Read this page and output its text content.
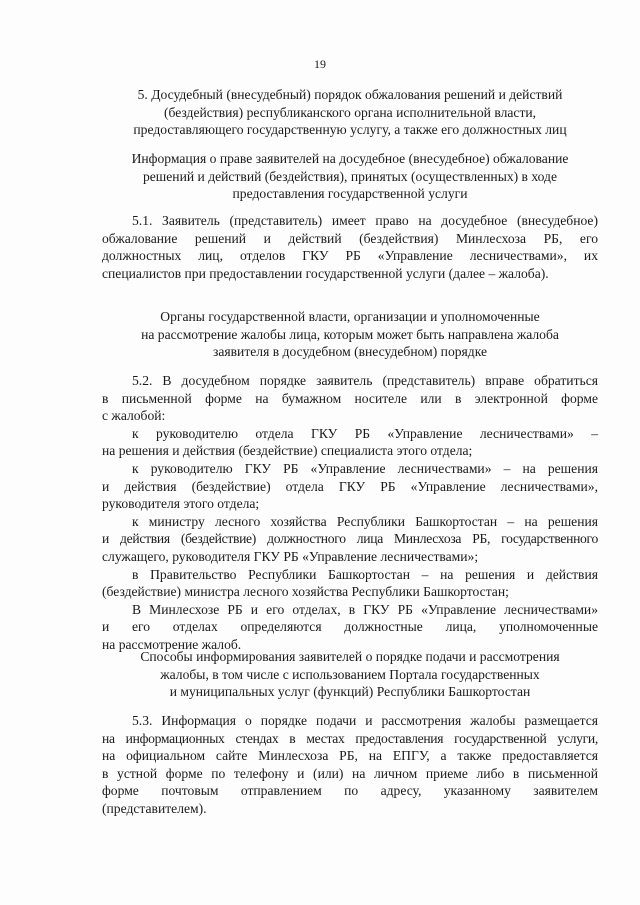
19
5. Досудебный (внесудебный) порядок обжалования решений и действий
(бездействия) республиканского органа исполнительной власти,
предоставляющего государственную услугу, а также его должностных лиц
Информация о праве заявителей на досудебное (внесудебное) обжалование
решений и действий (бездействия), принятых (осуществленных) в ходе
предоставления государственной услуги
5.1. Заявитель (представитель) имеет право на досудебное (внесудебное)
обжалование решений и действий (бездействия) Минлесхоза РБ, его
должностных лиц, отделов ГКУ РБ «Управление лесничествами», их
специалистов при предоставлении государственной услуги (далее – жалоба).
Органы государственной власти, организации и уполномоченные
на рассмотрение жалобы лица, которым может быть направлена жалоба
заявителя в досудебном (внесудебном) порядке
5.2. В досудебном порядке заявитель (представитель) вправе обратиться
в письменной форме на бумажном носителе или в электронной форме
с жалобой:
к руководителю отдела ГКУ РБ «Управление лесничествами» –
на решения и действия (бездействие) специалиста этого отдела;
к руководителю ГКУ РБ «Управление лесничествами» – на решения
и действия (бездействие) отдела ГКУ РБ «Управление лесничествами»,
руководителя этого отдела;
к министру лесного хозяйства Республики Башкортостан – на решения
и действия (бездействие) должностного лица Минлесхоза РБ, государственного
служащего, руководителя ГКУ РБ «Управление лесничествами»;
в Правительство Республики Башкортостан – на решения и действия
(бездействие) министра лесного хозяйства Республики Башкортостан;
В Минлесхозе РБ и его отделах, в ГКУ РБ «Управление лесничествами»
и его отделах определяются должностные лица, уполномоченные
на рассмотрение жалоб.
Способы информирования заявителей о порядке подачи и рассмотрения
жалобы, в том числе с использованием Портала государственных
и муниципальных услуг (функций) Республики Башкортостан
5.3. Информация о порядке подачи и рассмотрения жалобы размещается
на информационных стендах в местах предоставления государственной услуги,
на официальном сайте Минлесхоза РБ, на ЕПГУ, а также предоставляется
в устной форме по телефону и (или) на личном приеме либо в письменной
форме почтовым отправлением по адресу, указанному заявителем
(представителем).
